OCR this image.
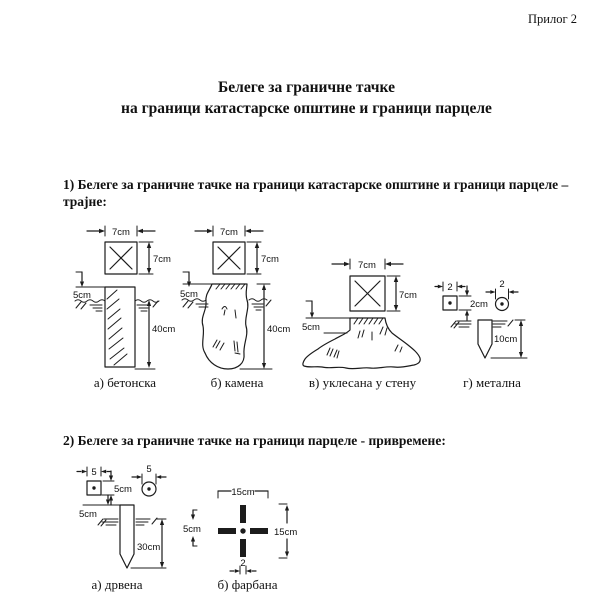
Прилог 2
Белеге за граничне тачке
на граници катастарске општине и граници парцеле
1) Белеге за граничне тачке на граници катастарске општине и граници парцеле –
трајне:
7cm
7cm
5cm
40cm
а) бетонска
7cm
7cm
5cm
40cm
б) камена
7cm
7cm
5cm
в) уклесана у стену
2
2cm
2
10cm
г) метална
2) Белеге за граничне тачке на граници парцеле - привремене:
5
5cm
5
5cm
30cm
а) дрвена
15cm
15cm
5cm
2
б) фарбана
